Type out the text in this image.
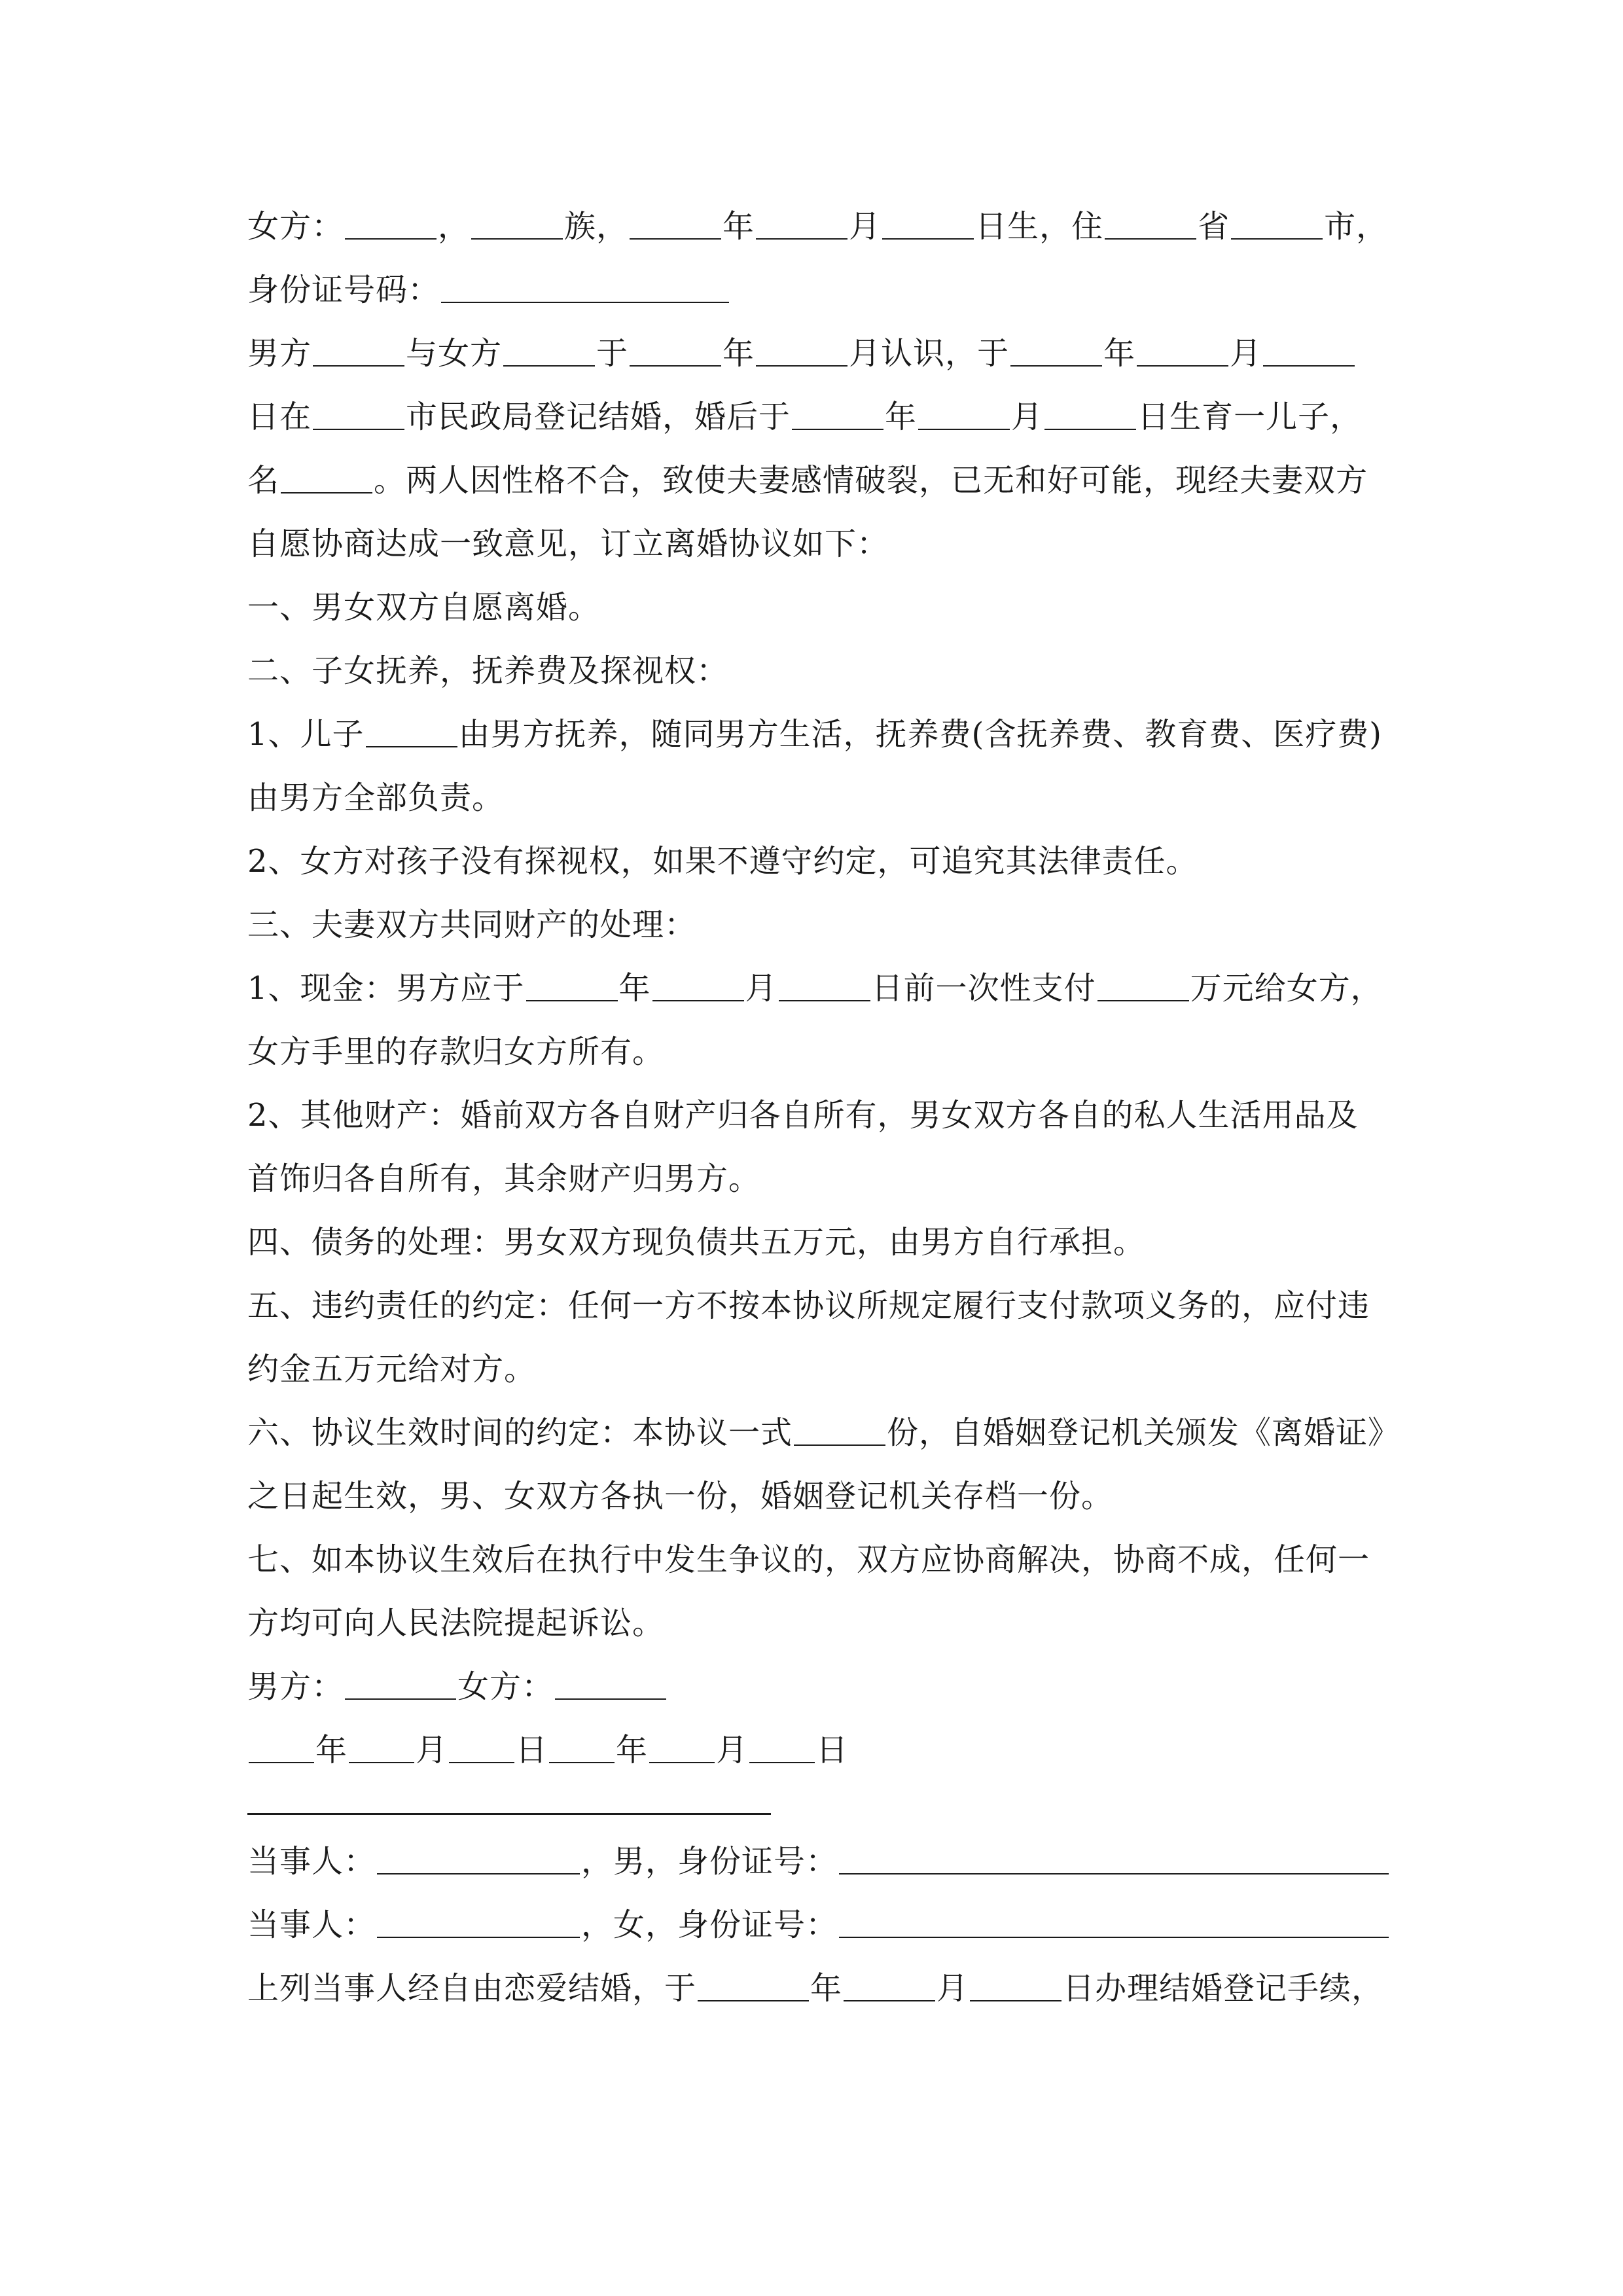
女方：	，	族，	年	月	日生，住	省	市，
身份证号码：
男方	与女方	于	年	月认识，于	年	月
日在	市民政局登记结婚，婚后于	年	月	日生育一儿子，
名	。两人因性格不合，致使夫妻感情破裂，已无和好可能，现经夫妻双方
自愿协商达成一致意见，订立离婚协议如下：
一、男女双方自愿离婚。
二、子女抚养，抚养费及探视权：
1、儿子	由男方抚养，随同男方生活，抚养费(含抚养费、教育费、医疗费)
由男方全部负责。
2、女方对孩子没有探视权，如果不遵守约定，可追究其法律责任。
三、夫妻双方共同财产的处理：
1、现金：男方应于	年	月	日前一次性支付	万元给女方，
女方手里的存款归女方所有。
2、其他财产：婚前双方各自财产归各自所有，男女双方各自的私人生活用品及
首饰归各自所有，其余财产归男方。
四、债务的处理：男女双方现负债共五万元，由男方自行承担。
五、违约责任的约定：任何一方不按本协议所规定履行支付款项义务的，应付违
约金五万元给对方。
六、协议生效时间的约定：本协议一式	份，自婚姻登记机关颁发《离婚证》
之日起生效，男、女双方各执一份，婚姻登记机关存档一份。
七、如本协议生效后在执行中发生争议的，双方应协商解决，协商不成，任何一
方均可向人民法院提起诉讼。
男方：	女方：
年 月 日 年 月 日
当事人：	，男，身份证号：
当事人：	，女，身份证号：
上列当事人经自由恋爱结婚，于	年	月	日办理结婚登记手续，
